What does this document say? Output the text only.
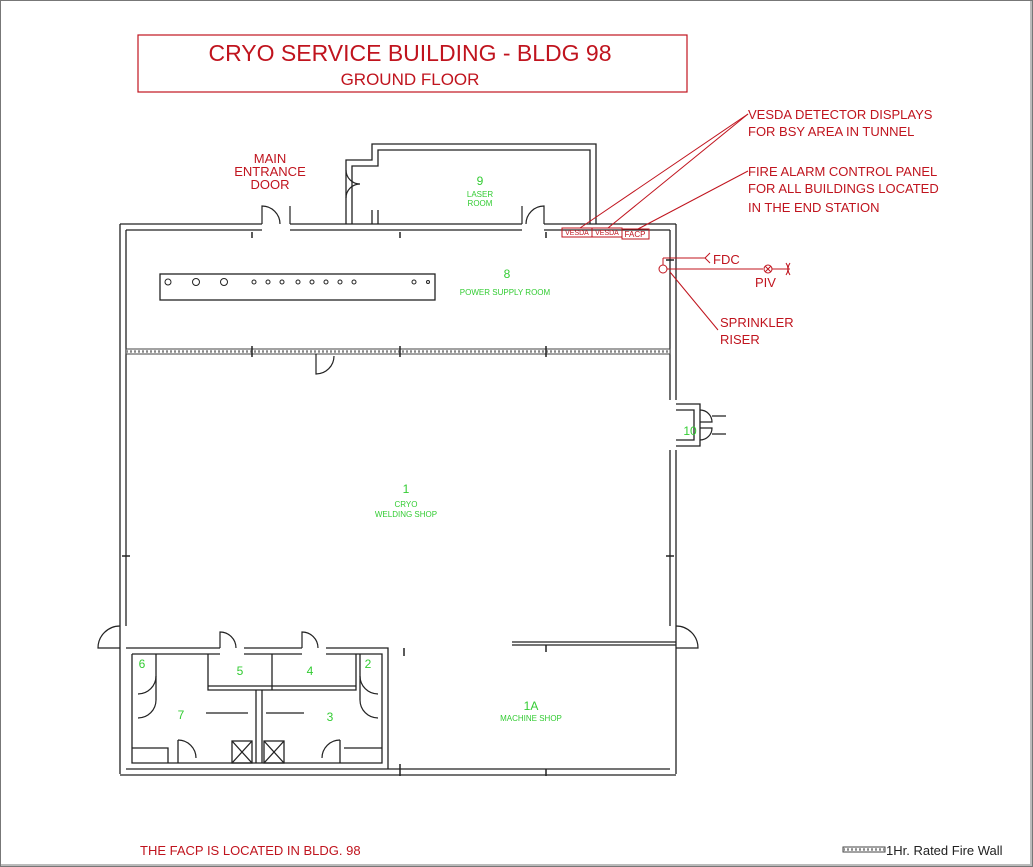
CRYO SERVICE BUILDING - BLDG 98
GROUND FLOOR
9
LASER
ROOM
8
POWER SUPPLY ROOM
1
CRYO
WELDING SHOP
1A
MACHINE SHOP
10
6	5	4	2
7	3
MAIN
ENTRANCE
DOOR
VESDA DETECTOR DISPLAYS
FOR BSY AREA IN TUNNEL
FIRE ALARM CONTROL PANEL
FOR ALL BUILDINGS LOCATED
IN THE END STATION
VESDA VESDA FACP
FDC
PIV
SPRINKLER
RISER
THE FACP IS LOCATED IN BLDG. 98	1Hr. Rated Fire Wall
